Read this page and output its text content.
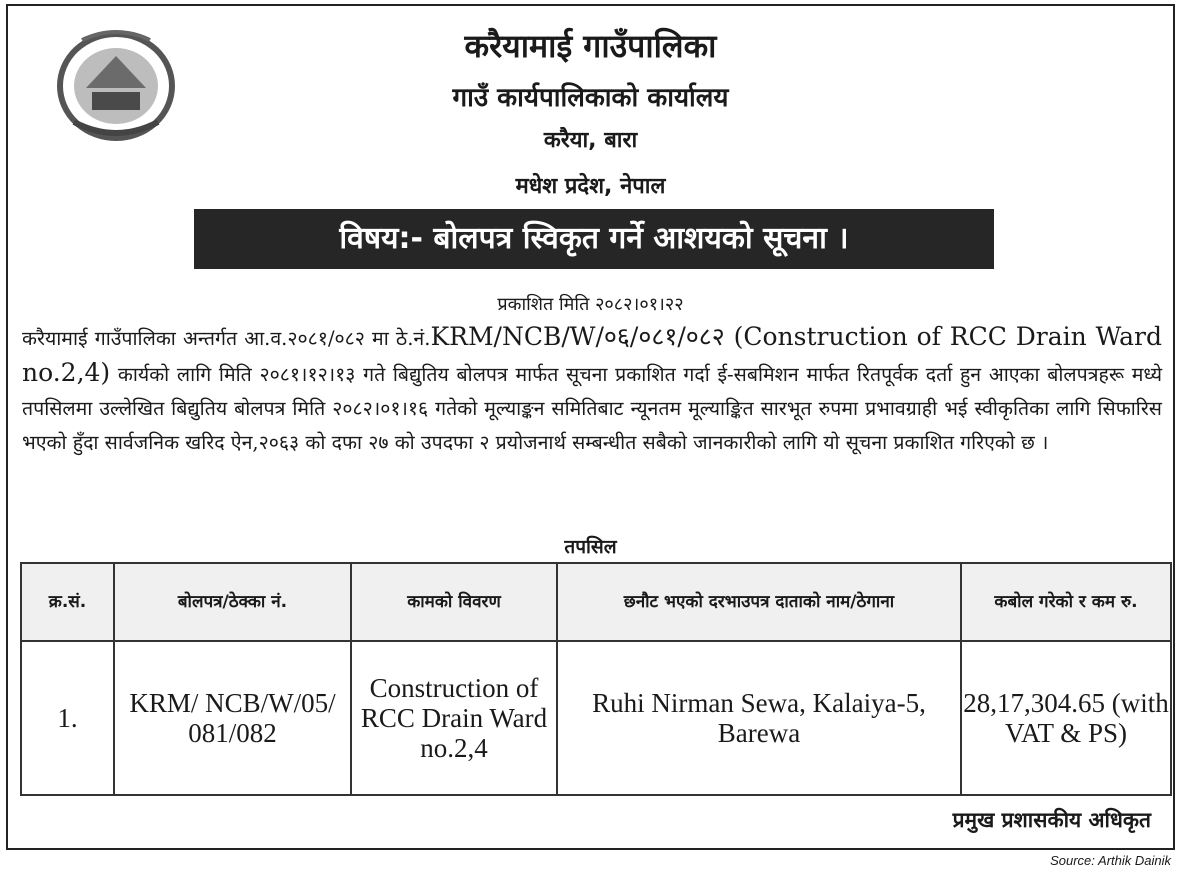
करैयामाई गाउँपालिका
गाउँ कार्यपालिकाको कार्यालय
करैया, बारा
मधेश प्रदेश, नेपाल
विषय:- बोलपत्र स्विकृत गर्ने आशयको सूचना ।
प्रकाशित मिति २०८२।०१।२२
करैयामाई गाउँपालिका अन्तर्गत आ.व.२०८१/०८२ मा ठे.नं.KRM/NCB/W/०६/०८१/०८२ (Construction of RCC Drain Ward no.2,4) कार्यको लागि मिति २०८१।१२।१३ गते बिद्युतिय बोलपत्र मार्फत सूचना प्रकाशित गर्दा ई-सबमिशन मार्फत रितपूर्वक दर्ता हुन आएका बोलपत्रहरू मध्ये तपसिलमा उल्लेखित बिद्युतिय बोलपत्र मिति २०८२।०१।१६ गतेको मूल्याङ्कन समितिबाट न्यूनतम मूल्याङ्कित सारभूत रुपमा प्रभावग्राही भई स्वीकृतिका लागि सिफारिस भएको हुँदा सार्वजनिक खरिद ऐन,२०६३ को दफा २७ को उपदफा २ प्रयोजनार्थ सम्बन्धीत सबैको जानकारीको लागि यो सूचना प्रकाशित गरिएको छ ।
तपसिल
क्र.सं.	बोलपत्र/ठेक्का नं.	कामको विवरण	छनौट भएको दरभाउपत्र दाताको नाम/ठेगाना	कबोल गरेको र कम रु.
1.	KRM/ NCB/W/05/ 081/082	Construction of RCC Drain Ward no.2,4	Ruhi Nirman Sewa, Kalaiya-5, Barewa	28,17,304.65 (with VAT & PS)
प्रमुख प्रशासकीय अधिकृत
Source: Arthik Dainik
